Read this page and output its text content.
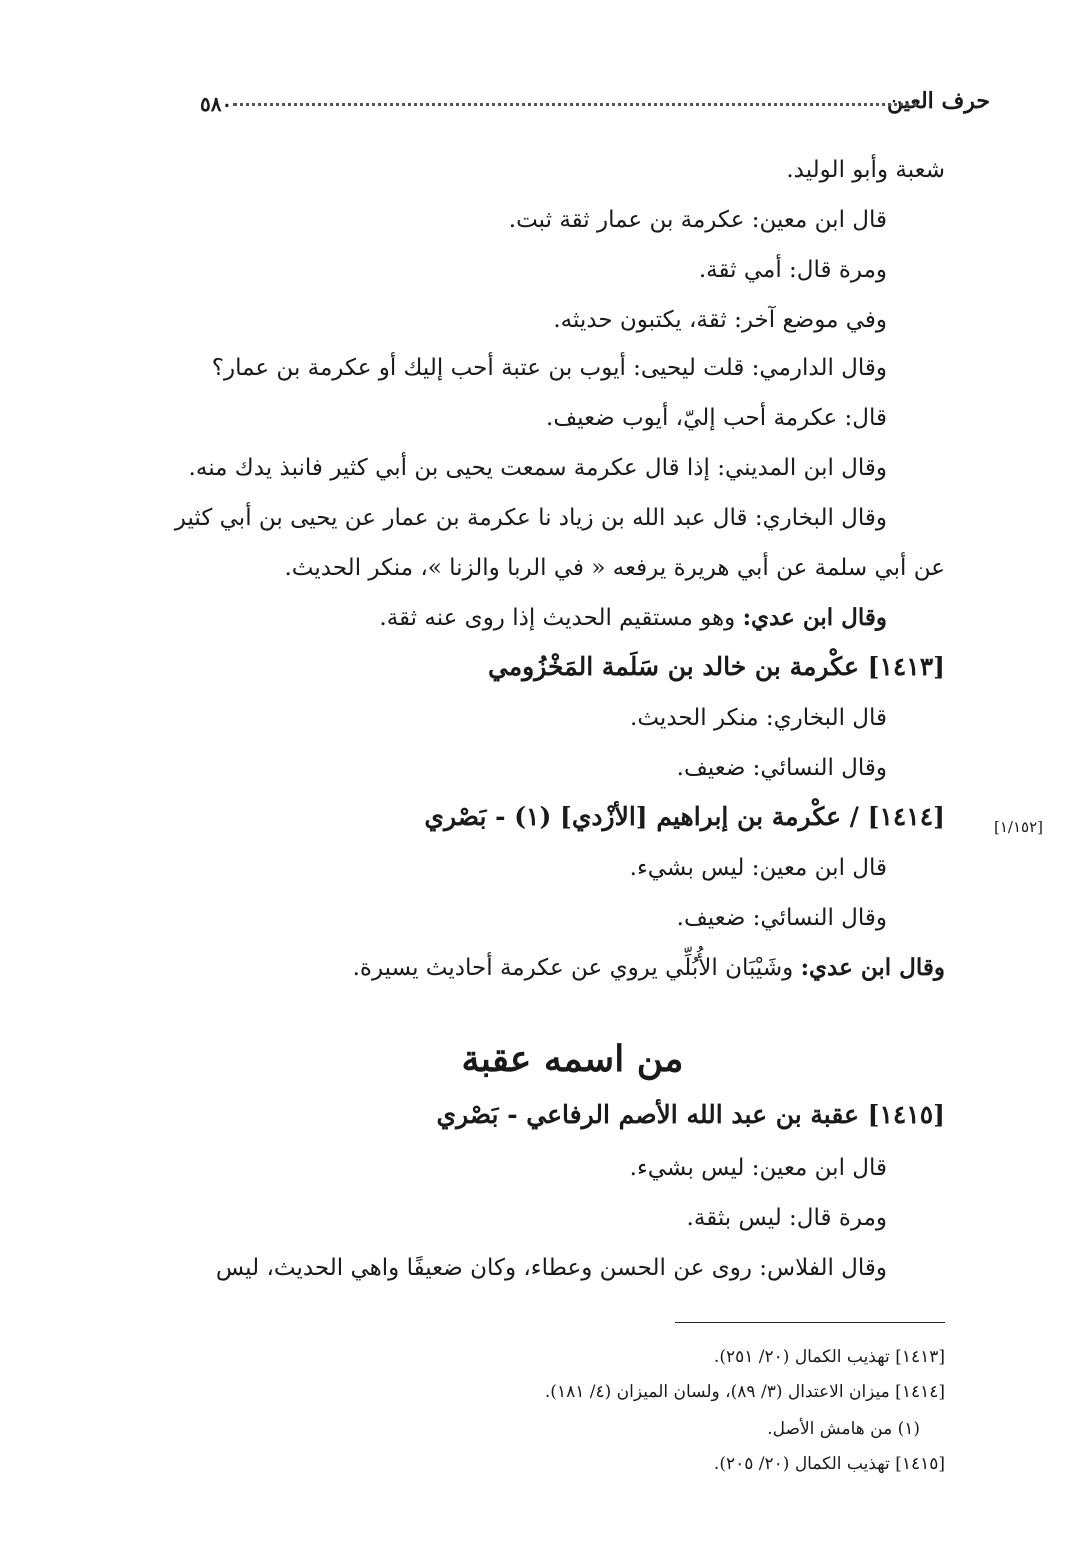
حرف العين
٥٨٠
شعبة وأبو الوليد.
قال ابن معين: عكرمة بن عمار ثقة ثبت.
ومرة قال: أمي ثقة.
وفي موضع آخر: ثقة، يكتبون حديثه.
وقال الدارمي: قلت ليحيى: أيوب بن عتبة أحب إليك أو عكرمة بن عمار؟
قال: عكرمة أحب إليّ، أيوب ضعيف.
وقال ابن المديني: إذا قال عكرمة سمعت يحيى بن أبي كثير فانبذ يدك منه.
وقال البخاري: قال عبد الله بن زياد نا عكرمة بن عمار عن يحيى بن أبي كثير
عن أبي سلمة عن أبي هريرة يرفعه « في الربا والزنا »، منكر الحديث.
وقال ابن عدي: وهو مستقيم الحديث إذا روى عنه ثقة.
[١٤١٣] عكْرمة بن خالد بن سَلَمة المَخْزُومي
قال البخاري: منكر الحديث.
وقال النسائي: ضعيف.
[١/١٥٢]
[١٤١٤] / عكْرمة بن إبراهيم [الأزْدي] (١) - بَصْري
قال ابن معين: ليس بشيء.
وقال النسائي: ضعيف.
وقال ابن عدي: وشَيْبَان الأُبُلِّي يروي عن عكرمة أحاديث يسيرة.
من اسمه عقبة
[١٤١٥] عقبة بن عبد الله الأصم الرفاعي - بَصْري
قال ابن معين: ليس بشيء.
ومرة قال: ليس بثقة.
وقال الفلاس: روى عن الحسن وعطاء، وكان ضعيفًا واهي الحديث، ليس
[١٤١٣] تهذيب الكمال (٢٠/ ٢٥١).
[١٤١٤] ميزان الاعتدال (٣/ ٨٩)، ولسان الميزان (٤/ ١٨١).
(١) من هامش الأصل.
[١٤١٥] تهذيب الكمال (٢٠/ ٢٠٥).
